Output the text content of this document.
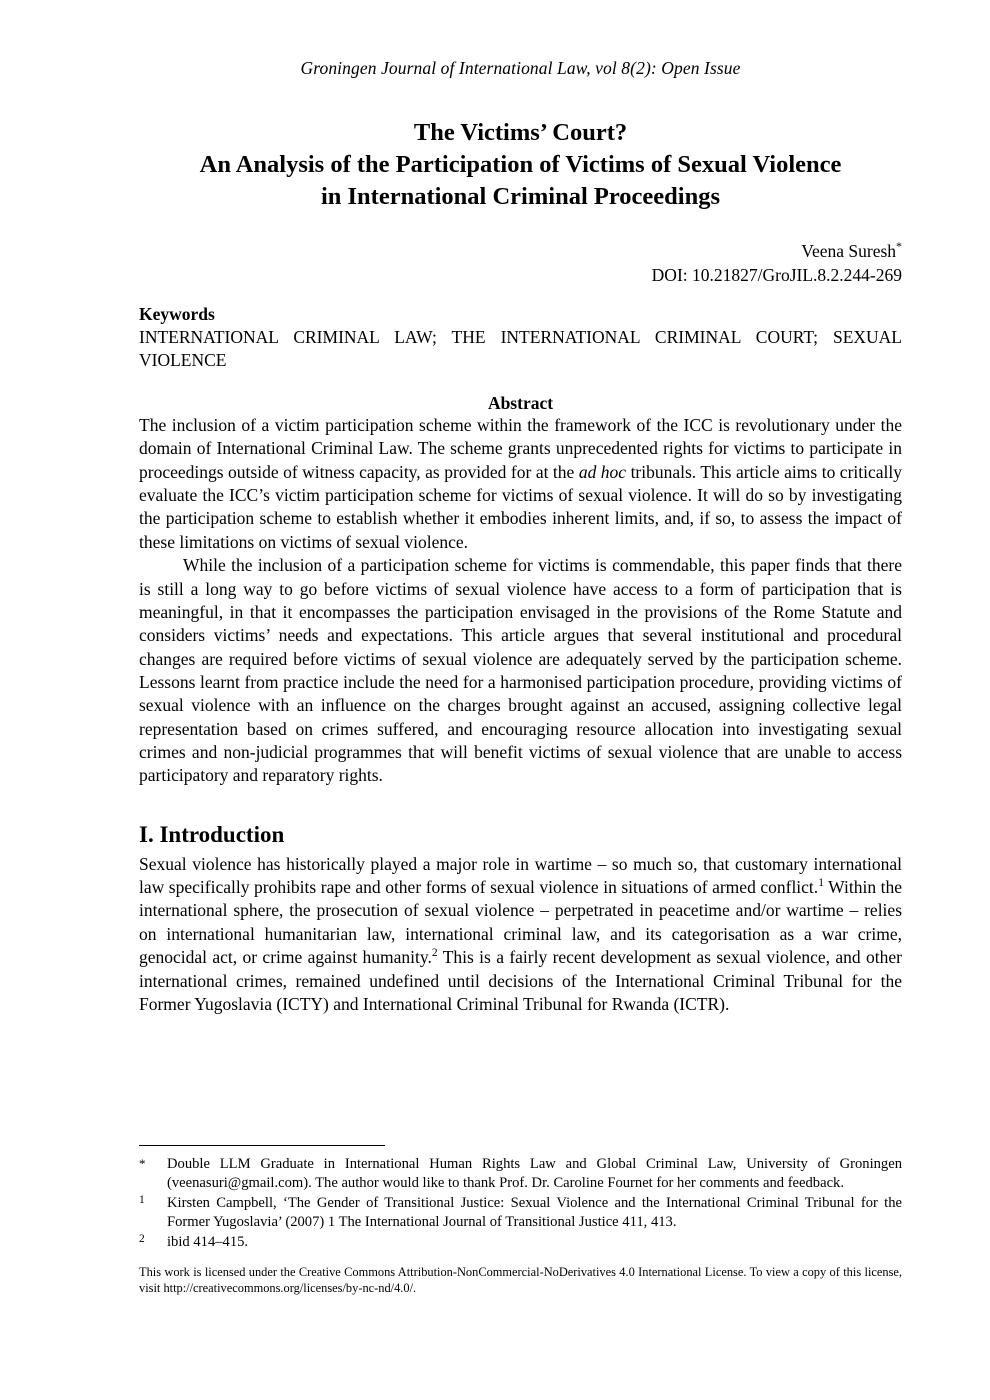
Groningen Journal of International Law, vol 8(2): Open Issue
The Victims’ Court?
An Analysis of the Participation of Victims of Sexual Violence
in International Criminal Proceedings
Veena Suresh*
DOI: 10.21827/GroJIL.8.2.244-269
Keywords
INTERNATIONAL CRIMINAL LAW; THE INTERNATIONAL CRIMINAL COURT; SEXUAL VIOLENCE
Abstract

The inclusion of a victim participation scheme within the framework of the ICC is revolutionary under the domain of International Criminal Law. The scheme grants unprecedented rights for victims to participate in proceedings outside of witness capacity, as provided for at the ad hoc tribunals. This article aims to critically evaluate the ICC’s victim participation scheme for victims of sexual violence. It will do so by investigating the participation scheme to establish whether it embodies inherent limits, and, if so, to assess the impact of these limitations on victims of sexual violence.

While the inclusion of a participation scheme for victims is commendable, this paper finds that there is still a long way to go before victims of sexual violence have access to a form of participation that is meaningful, in that it encompasses the participation envisaged in the provisions of the Rome Statute and considers victims’ needs and expectations. This article argues that several institutional and procedural changes are required before victims of sexual violence are adequately served by the participation scheme. Lessons learnt from practice include the need for a harmonised participation procedure, providing victims of sexual violence with an influence on the charges brought against an accused, assigning collective legal representation based on crimes suffered, and encouraging resource allocation into investigating sexual crimes and non-judicial programmes that will benefit victims of sexual violence that are unable to access participatory and reparatory rights.

I. Introduction

Sexual violence has historically played a major role in wartime – so much so, that customary international law specifically prohibits rape and other forms of sexual violence in situations of armed conflict.$^1$ Within the international sphere, the prosecution of sexual violence – perpetrated in peacetime and/or wartime – relies on international humanitarian law, international criminal law, and its categorisation as a war crime, genocidal act, or crime against humanity.$^2$ This is a fairly recent development as sexual violence, and other international crimes, remained undefined until decisions of the International Criminal Tribunal for the Former Yugoslavia (ICTY) and International Criminal Tribunal for Rwanda (ICTR).

*	Double LLM Graduate in International Human Rights Law and Global Criminal Law, University of Groningen (veenasuri@gmail.com). The author would like to thank Prof. Dr. Caroline Fournet for her comments and feedback.
1	Kirsten Campbell, ‘The Gender of Transitional Justice: Sexual Violence and the International Criminal Tribunal for the Former Yugoslavia’ (2007) 1 The International Journal of Transitional Justice 411, 413.
2	ibid 414–415.
This work is licensed under the Creative Commons Attribution-NonCommercial-NoDerivatives 4.0 International License. To view a copy of this license, visit http://creativecommons.org/licenses/by-nc-nd/4.0/.
